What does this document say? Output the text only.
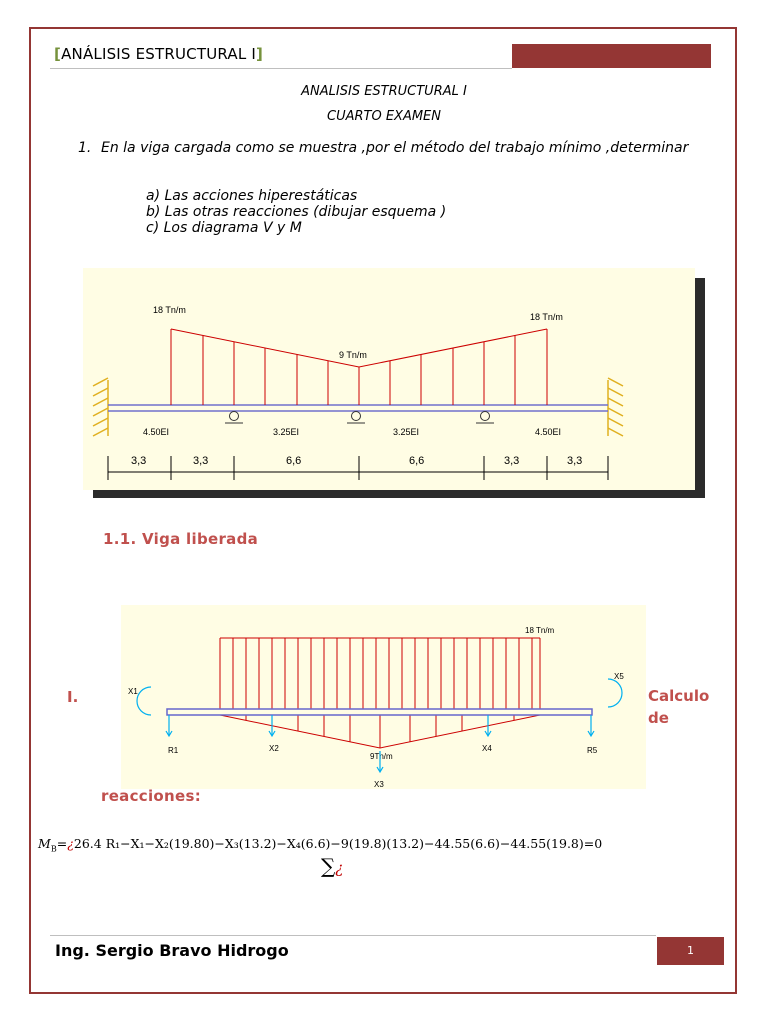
[ANÁLISIS ESTRUCTURAL I]
ANALISIS ESTRUCTURAL I
CUARTO EXAMEN
1. En la viga cargada como se muestra ,por el método del trabajo mínimo ,determinar
a) Las acciones hiperestáticas
b) Las otras reacciones (dibujar esquema )
c) Los diagrama V y M
18 Tn/m
9 Tn/m
18 Tn/m
4.50EI	3.25EI	3.25EI	4.50EI
3,3	3,3	6,6	6,6	3,3	3,3
1.1. Viga liberada
18 Tn/m
9Tn/m
X1
X5
R1	X2
X3
X4	R5
I.	Calculo
de
reacciones:
$M_B=¿26.4$ R₁−X₁−X₂(19.80)−X₃(13.2)−X₄(6.6)−9(19.8)(13.2)−44.55(6.6)−44.55(19.8)=0
∑¿
Ing. Sergio Bravo Hidrogo	1
